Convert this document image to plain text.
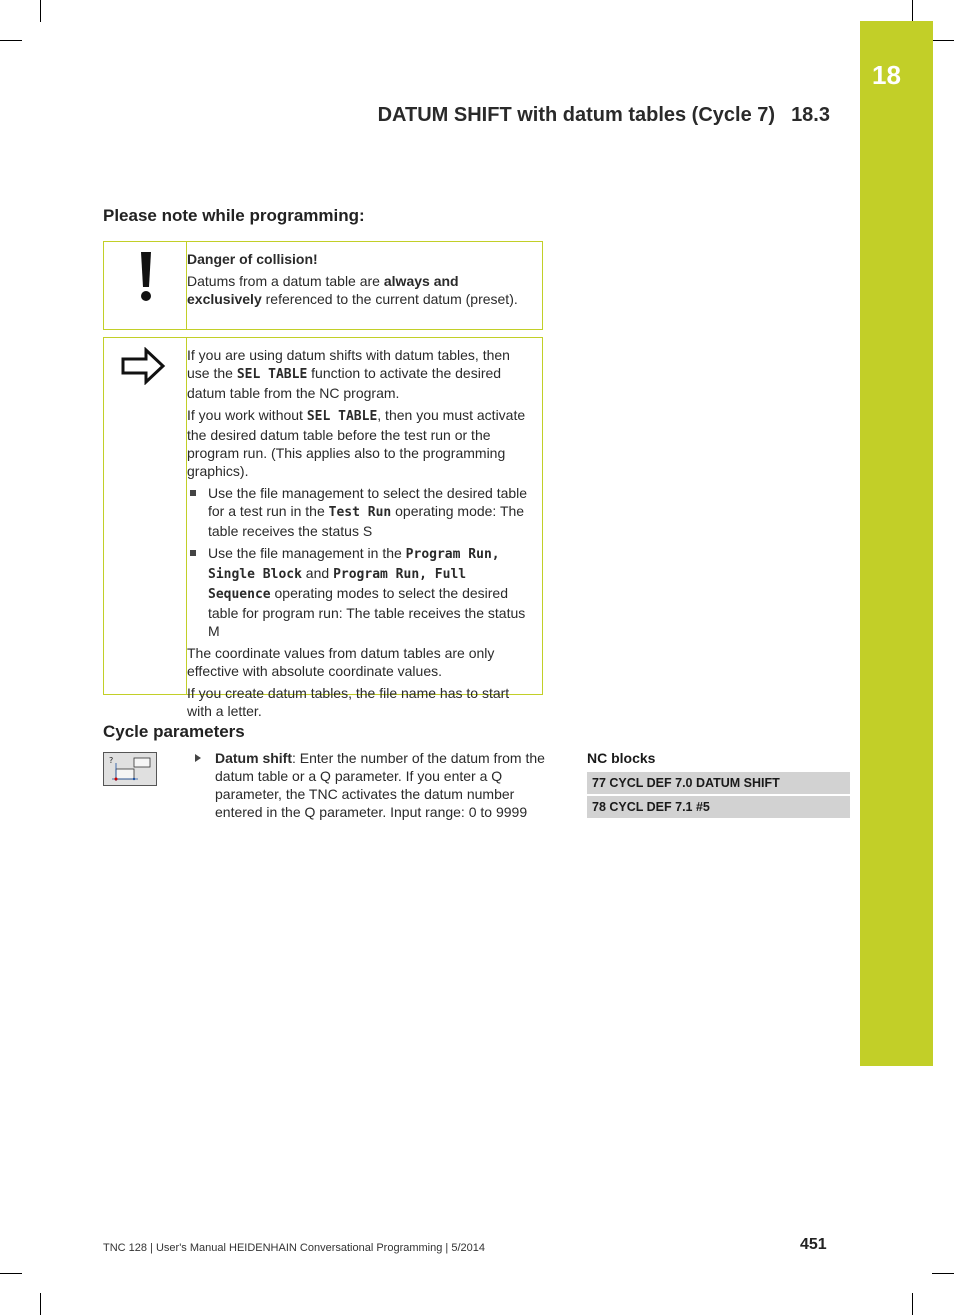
18
DATUM SHIFT with datum tables (Cycle 7) 18.3
Please note while programming:

Danger of collision!

Datums from a datum table are always and exclusively referenced to the current datum (preset).

If you are using datum shifts with datum tables, then use the SEL TABLE function to activate the desired datum table from the NC program.

If you work without SEL TABLE, then you must activate the desired datum table before the test run or the program run. (This applies also to the programming graphics).

Use the file management to select the desired table for a test run in the Test Run operating mode: The table receives the status S
Use the file management in the Program Run, Single Block and Program Run, Full Sequence operating modes to select the desired table for program run: The table receives the status M

The coordinate values from datum tables are only effective with absolute coordinate values.

If you create datum tables, the file name has to start with a letter.

Cycle parameters
?	Datum shift: Enter the number of the datum from the datum table or a Q parameter. If you enter a Q parameter, the TNC activates the datum number entered in the Q parameter. Input range: 0 to 9999
NC blocks
77 CYCL DEF 7.0 DATUM SHIFT
78 CYCL DEF 7.1 #5
TNC 128 | User's Manual HEIDENHAIN Conversational Programming | 5/2014	451
